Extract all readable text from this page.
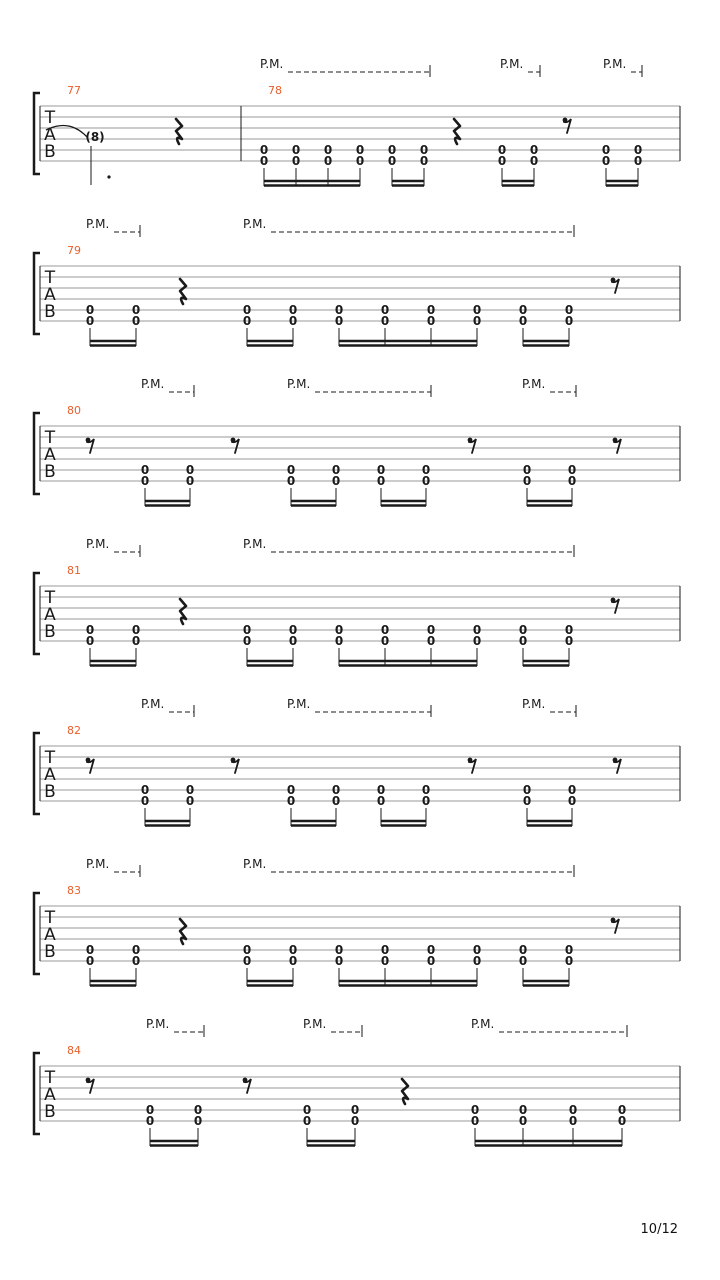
T
A
B
P.M.	P.M.	P.M.
77	78
(8)
0
0
0
0
0
0
0
0
0
0
0
0
0
0
0
0
0
0
0
0
T
A
B
P.M.	P.M.
79
0
0
0
0
0
0
0
0
0
0
0
0
0
0
0
0
0
0
0
0
T
A
B
P.M.	P.M.	P.M.
80
0
0
0
0
0
0
0
0
0
0
0
0
0
0
0
0
T
A
B
P.M.	P.M.
81
0
0
0
0
0
0
0
0
0
0
0
0
0
0
0
0
0
0
0
0
T
A
B
P.M.	P.M.	P.M.
82
0
0
0
0
0
0
0
0
0
0
0
0
0
0
0
0
T
A
B
P.M.	P.M.
83
0
0
0
0
0
0
0
0
0
0
0
0
0
0
0
0
0
0
0
0
T
A
B
P.M.	P.M.	P.M.
84
0
0
0
0
0
0
0
0
0
0
0
0
0
0
0
0
10/12
